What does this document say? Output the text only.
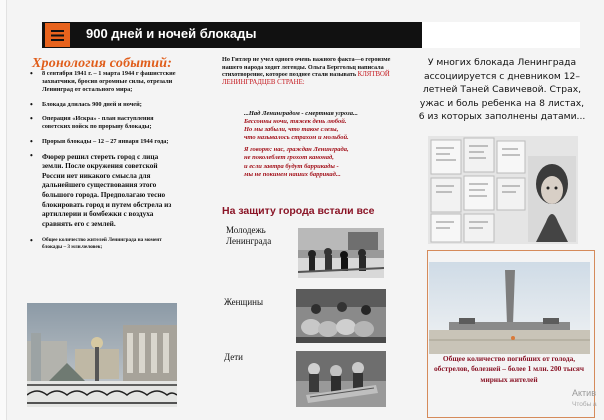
900 дней и ночей блокады
Хронология событий:
• 8 сентября 1941 г. – 1 марта 1944 г фашистские захватчики, бросив огромные силы, отрезали Ленинград от остального мира;
• Блокада длилась 900 дней и ночей;
• Операция «Искра» - план наступления советских войск по прорыву блокады;
• Прорыв блокады – 12 – 27 января 1944 года;
• Фюрер решил стереть город с лица земли. После окружения советской России нет никакого смысла для дальнейшего существования этого большого города. Предполагаю тесно блокировать город и путем обстрела из артиллерии и бомбежки с воздуха сравнять его с землей.
• Общее количество жителей Ленинграда на момент блокады – 3 млн.человек;
Но Гитлер не учел одного очень важного факта—о героизме нашего народа ходят легенды. Ольга Берггольц написала стихотворение, которое позднее стали называть КЛЯТВОЙ ЛЕНИНГРАДЦЕВ СТРАНЕ:
...Над Ленинградом - смертная угроза...
Бессонны ночи, тяжек день любой.
Но мы забыли, что такое слезы,
что называлось страхом и мольбой.
Я говорю: нас, граждан Ленинграда,
не поколеблет грохот канонад,
и если завтра будут баррикады -
мы не покинем наших баррикад...
На защиту города встали все
Молодежь Ленинграда
Женщины
Дети
У многих блокада Ленинграда ассоциируется с дневником 12–летней Таней Савичевой. Страх, ужас и боль ребенка на 8 листах, 6 из которых заполнены датами...
Общее количество погибших от голода, обстрелов, болезней – более 1 млн. 200 тысяч мирных жителей
Актив
Чтобы а
